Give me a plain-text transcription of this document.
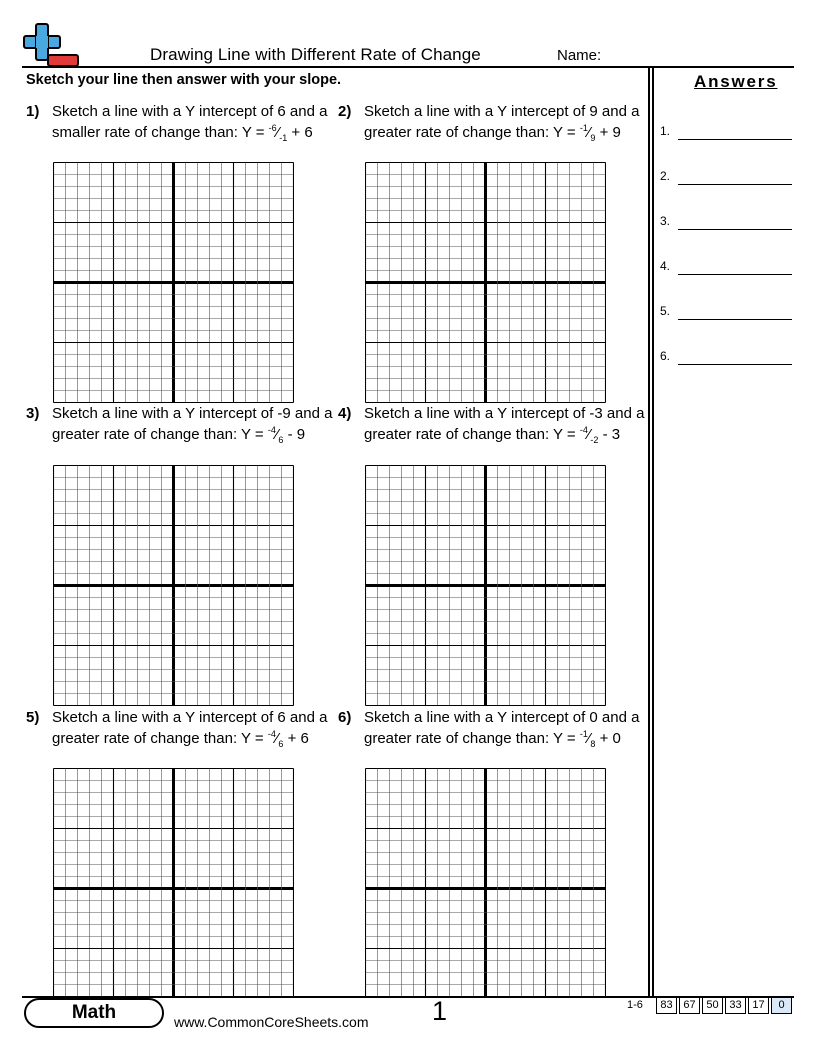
Drawing Line with Different Rate of Change	Name:
Sketch your line then answer with your slope.	Answers
1.
2.
3.
4.
5.
6.
1) Sketch a line with a Y intercept of 6 and a smaller rate of change than: $Y = ^{-6}⁄_{-1} + 6$
2) Sketch a line with a Y intercept of 9 and a greater rate of change than: $Y = ^{-1}⁄_9 + 9$
3) Sketch a line with a Y intercept of -9 and a greater rate of change than: $Y = ^{-4}⁄_6 - 9$
4) Sketch a line with a Y intercept of -3 and a greater rate of change than: $Y = ^{-4}⁄_{-2} - 3$
5) Sketch a line with a Y intercept of 6 and a greater rate of change than: $Y = ^{-4}⁄_6 + 6$
6) Sketch a line with a Y intercept of 0 and a greater rate of change than: $Y = ^{-1}⁄_8 + 0$
Math	www.CommonCoreSheets.com 1	1-6	83 67 50 33 17	0
